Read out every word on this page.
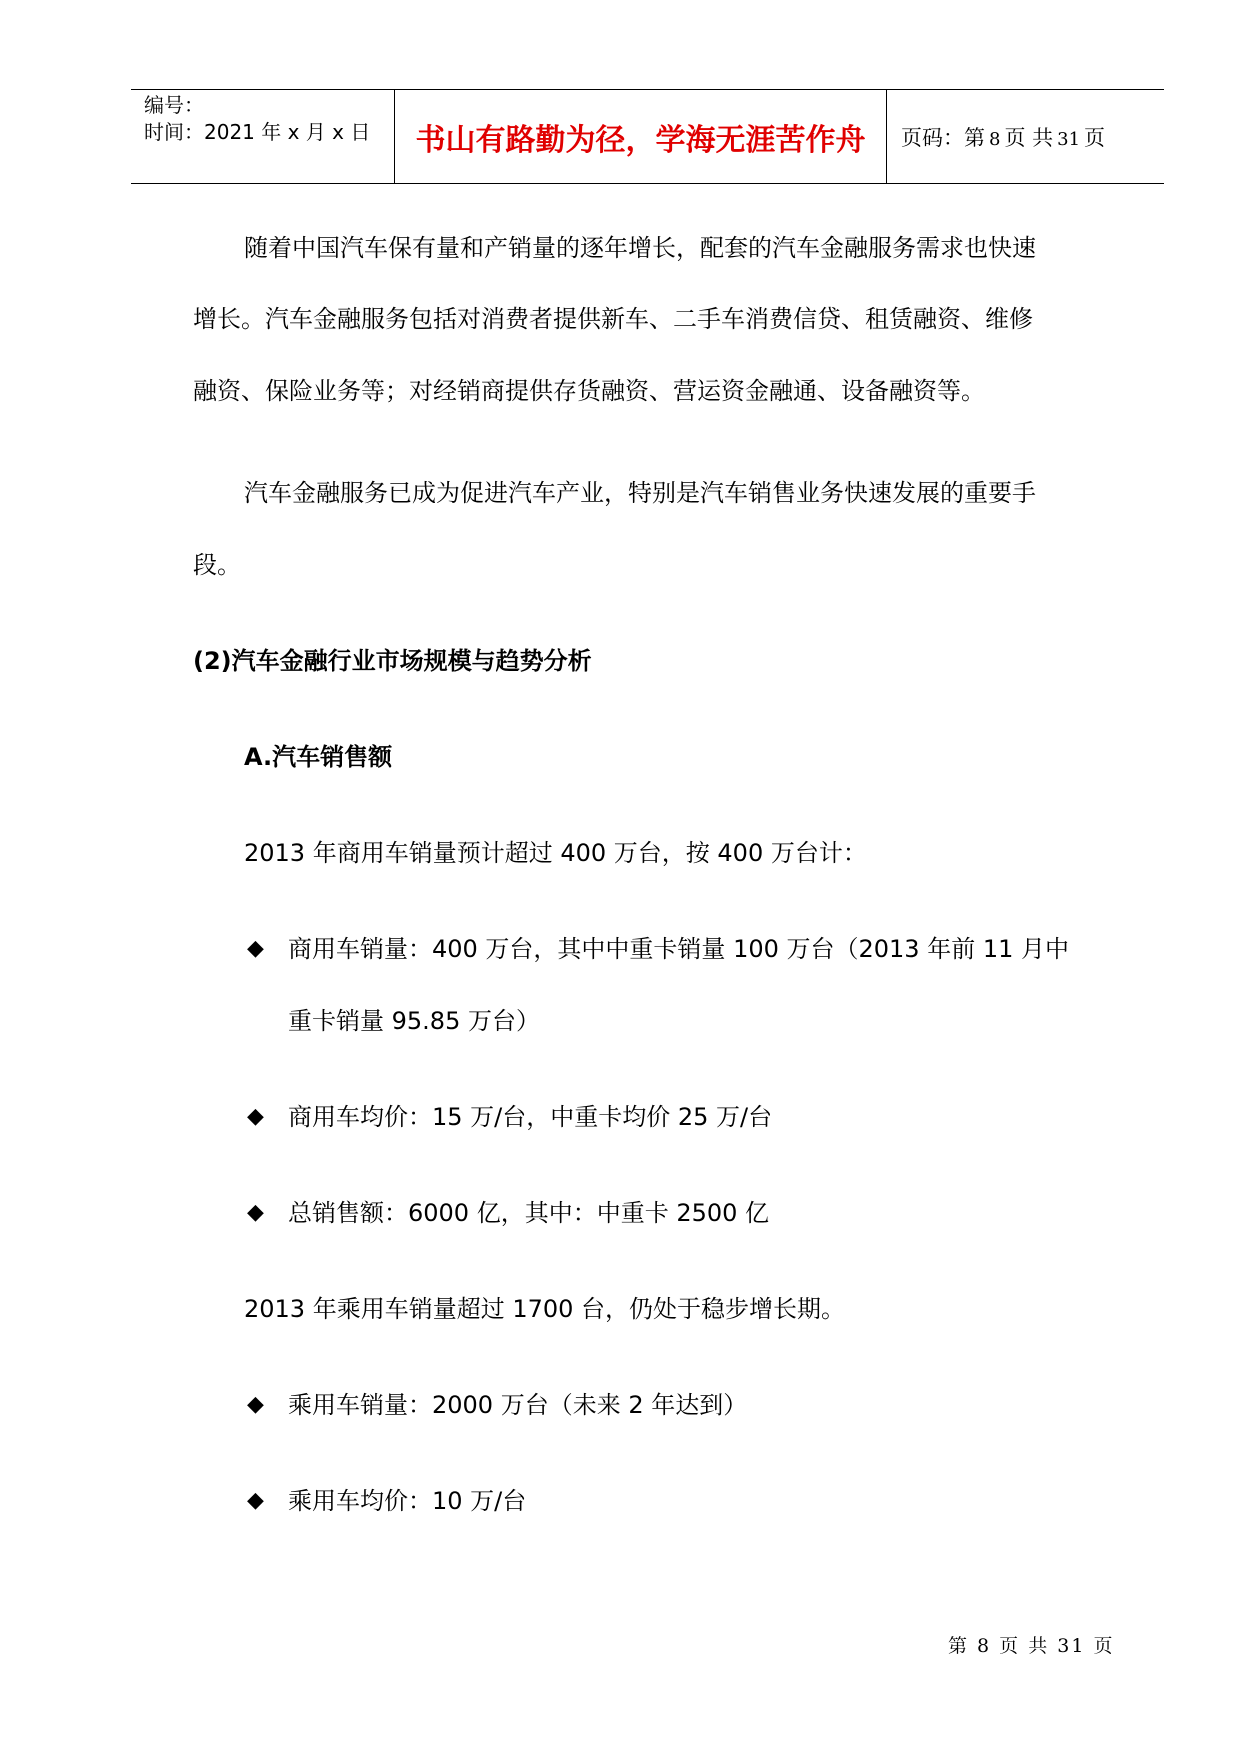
编号：
时间：2021 年 x 月 x 日 书山有路勤为径，学海无涯苦作舟 页码：第 8 页 共 31 页
随着中国汽车保有量和产销量的逐年增长，配套的汽车金融服务需求也快速
增长。汽车金融服务包括对消费者提供新车、二手车消费信贷、租赁融资、维修
融资、保险业务等；对经销商提供存货融资、营运资金融通、设备融资等。
汽车金融服务已成为促进汽车产业，特别是汽车销售业务快速发展的重要手
段。
(2)汽车金融行业市场规模与趋势分析
A.汽车销售额
2013 年商用车销量预计超过 400 万台，按 400 万台计：
◆ 商用车销量：400 万台，其中中重卡销量 100 万台（2013 年前 11 月中
重卡销量 95.85 万台）
◆ 商用车均价：15 万/台，中重卡均价 25 万/台
◆ 总销售额：6000 亿，其中：中重卡 2500 亿
2013 年乘用车销量超过 1700 台，仍处于稳步增长期。
◆ 乘用车销量：2000 万台（未来 2 年达到）
◆ 乘用车均价：10 万/台
第 8 页 共 31 页
